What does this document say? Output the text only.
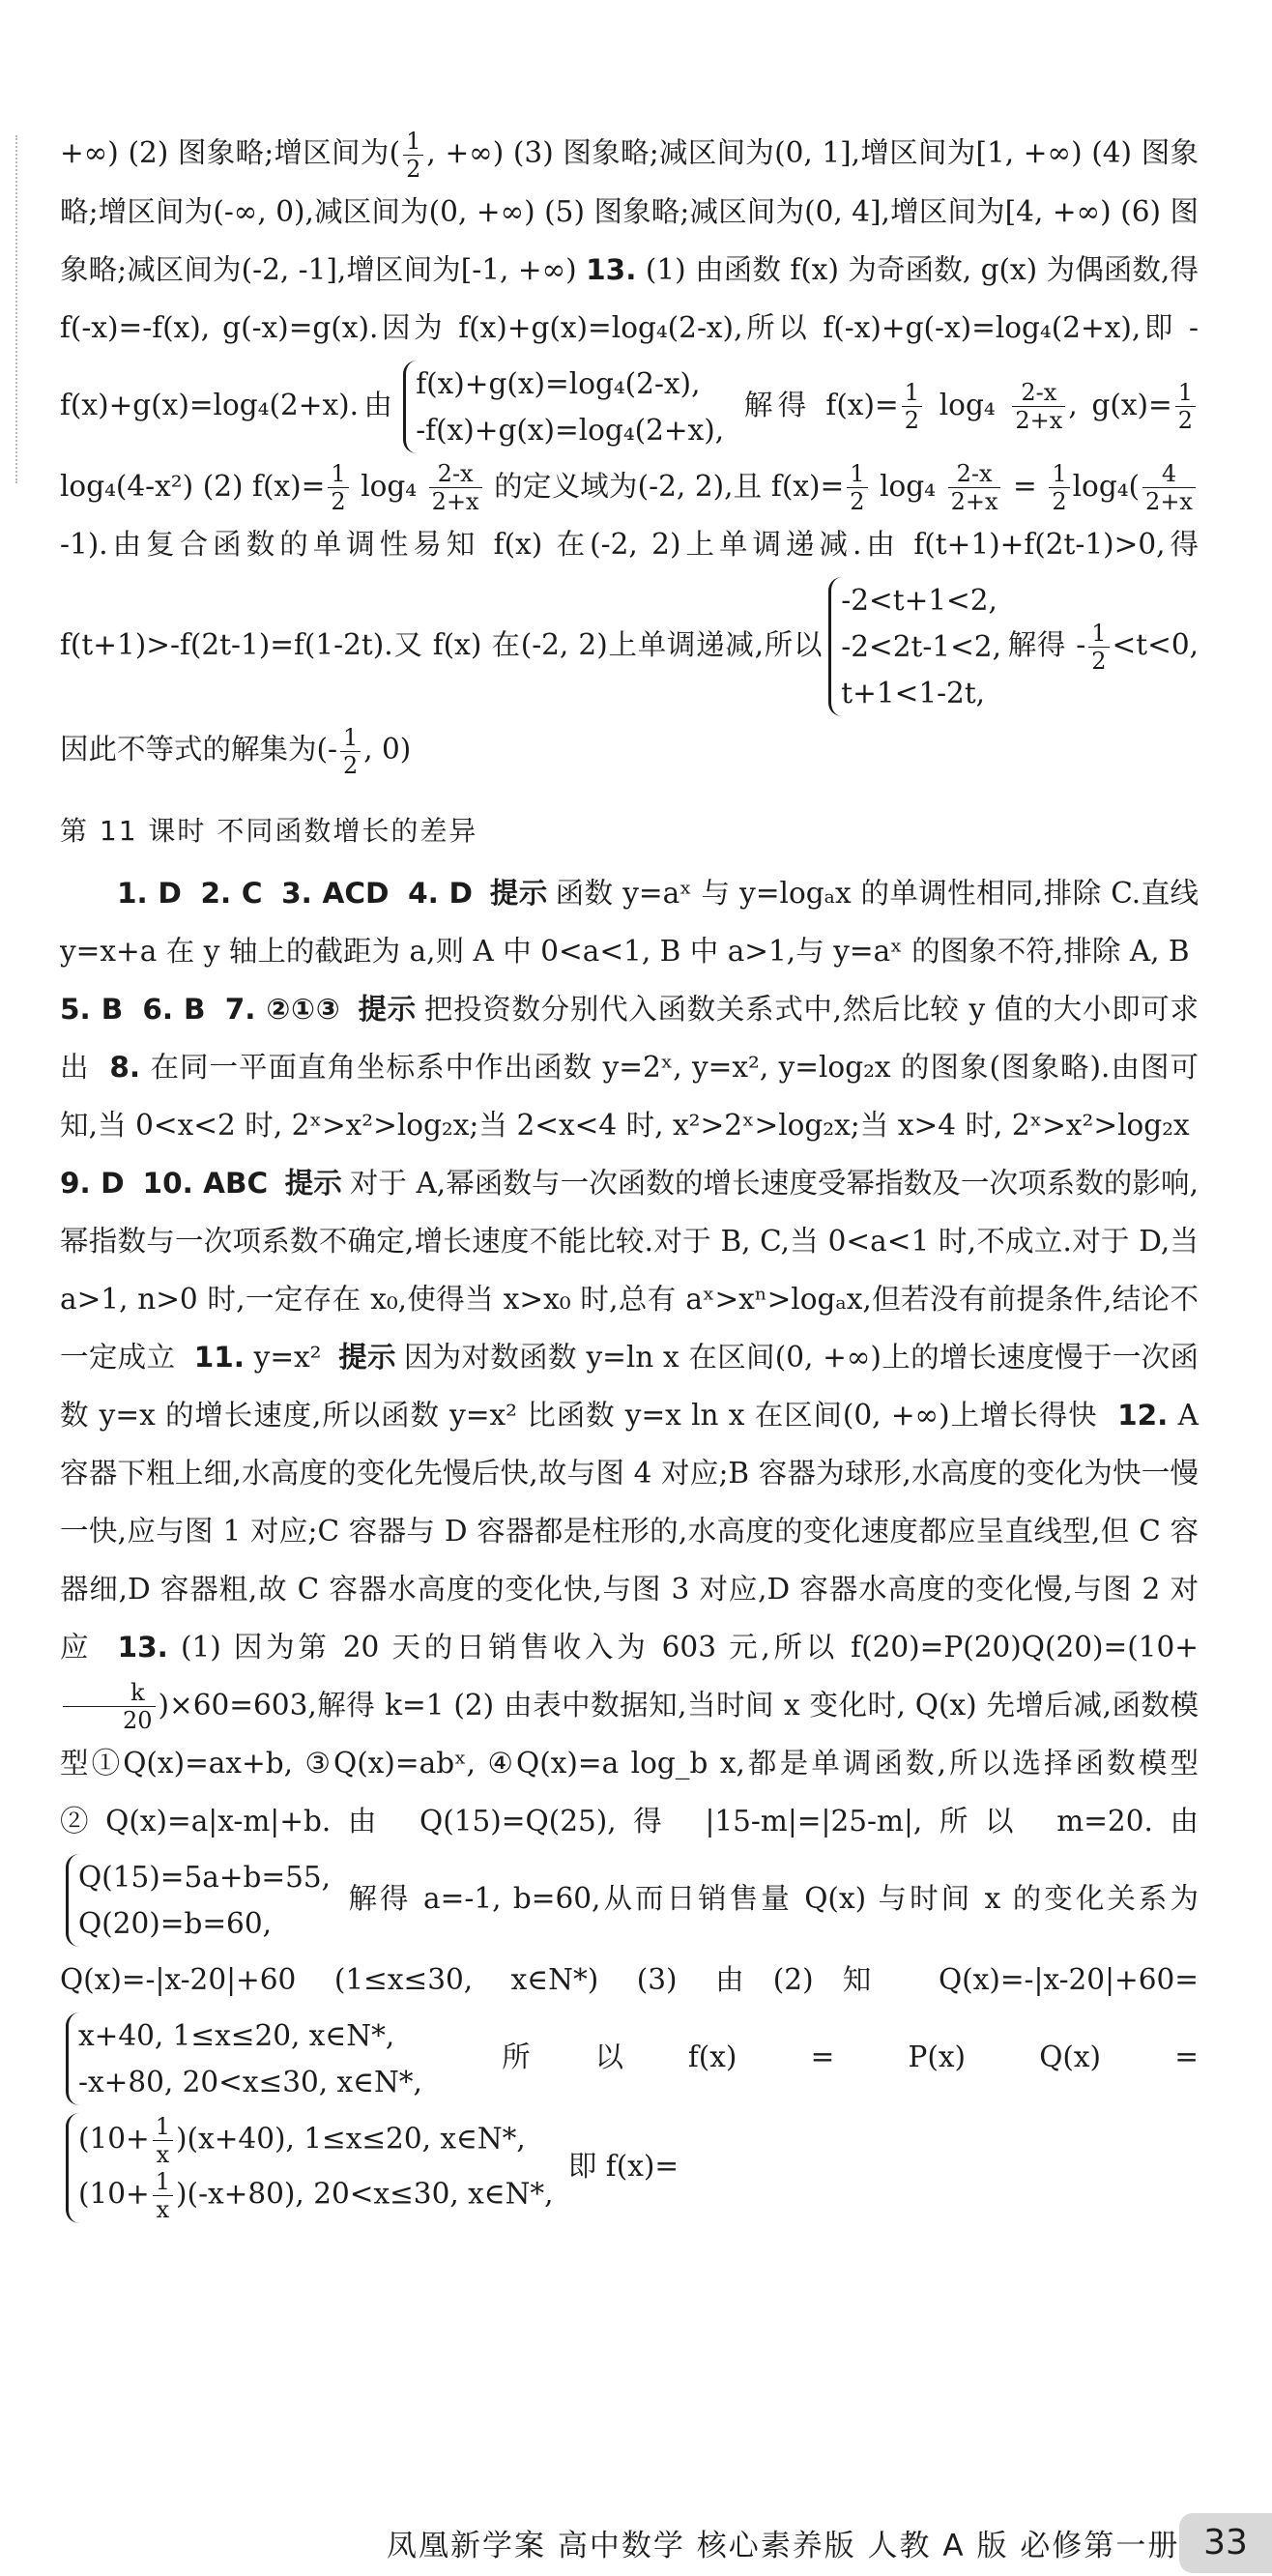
+∞) (2) 图象略;增区间为( $\frac{1}{2}$ , +∞) (3) 图象略;减区间为(0, 1],增区间为[1, +∞) (4) 图象略;增区间为(-∞, 0),减区间为(0, +∞) (5) 图象略;减区间为(0, 4],增区间为[4, +∞) (6) 图象略;减区间为(-2, -1],增区间为[-1, +∞) 13. (1) 由函数 f(x) 为奇函数, g(x) 为偶函数,得 f(-x)=-f(x), g(-x)=g(x).因为 f(x)+g(x)=log₄(2-x),所以 f(-x)+g(-x)=log₄(2+x),即 -f(x)+g(x)=log₄(2+x).由
f(x)+g(x)=log₄(2-x),
-f(x)+g(x)=log₄(2+x),
解得 $f(x)= \frac{1}{2} \log_4 \frac{2-x}{2+x}$ , $g(x)= \frac{1}{2}$
log₄(4-x²) (2) $f(x)= \frac{1}{2} \log_4 \frac{2-x}{2+x}$ 的定义域为(-2, 2),且 $f(x)= \frac{1}{2} \log_4 \frac{2-x}{2+x} = \frac{1}{2} \log_4( \frac{4}{2+x}$
-1).由复合函数的单调性易知 f(x) 在(-2, 2)上单调递减.由 f(t+1)+f(2t-1)>0,得 f(t+1)>-f(2t-1)=f(1-2t).又 f(x) 在(-2, 2)上单调递减,所以
-2<t+1<2,
-2<2t-1<2,
t+1<1-2t,
解得 - $\frac{1}{2} <t<0$,因此不等式的解集为(- $\frac{1}{2}$ , 0)

第 11 课时 不同函数增长的差异

1. D 2. C 3. ACD 4. D 提示 函数 y=aˣ 与 y=logₐx 的单调性相同,排除 C.直线 y=x+a 在 y 轴上的截距为 a,则 A 中 0<a<1, B 中 a>1,与 y=aˣ 的图象不符,排除 A, B  5. B 6. B 7. ②①③ 提示 把投资数分别代入函数关系式中,然后比较 y 值的大小即可求出 8. 在同一平面直角坐标系中作出函数 y=2ˣ, y=x², y=log₂x 的图象(图象略).由图可知,当 0<x<2 时, 2ˣ>x²>log₂x;当 2<x<4 时, x²>2ˣ>log₂x;当 x>4 时, 2ˣ>x²>log₂x  9. D 10. ABC 提示 对于 A,幂函数与一次函数的增长速度受幂指数及一次项系数的影响,幂指数与一次项系数不确定,增长速度不能比较.对于 B, C,当 0<a<1 时,不成立.对于 D,当 a>1, n>0 时,一定存在 x₀,使得当 x>x₀ 时,总有 aˣ>xⁿ>logₐx,但若没有前提条件,结论不一定成立 11. y=x² 提示 因为对数函数 y=ln x 在区间(0, +∞)上的增长速度慢于一次函数 y=x 的增长速度,所以函数 y=x² 比函数 y=x ln x 在区间(0, +∞)上增长得快 12. A 容器下粗上细,水高度的变化先慢后快,故与图 4 对应;B 容器为球形,水高度的变化为快一慢一快,应与图 1 对应;C 容器与 D 容器都是柱形的,水高度的变化速度都应呈直线型,但 C 容器细,D 容器粗,故 C 容器水高度的变化快,与图 3 对应,D 容器水高度的变化慢,与图 2 对应 13. (1) 因为第 20 天的日销售收入为 603 元,所以 f(20)=P(20)Q(20)=(10+
$\frac{k}{20} )\times 60=603$,解得 k=1 (2) 由表中数据知,当时间 x 变化时, Q(x) 先增后减,函数模型①Q(x)=ax+b, ③Q(x)=abˣ, ④Q(x)=a log_b x,都是单调函数,所以选择函数模型②Q(x)=a|x-m|+b.由 Q(15)=Q(25),得 |15-m|=|25-m|,所以 m=20.由
Q(15)=5a+b=55,
Q(20)=b=60,
解得 a=-1, b=60,从而日销售量 Q(x) 与时间 x 的变化关系为 Q(x)=-|x-20|+60 (1≤x≤30, x∈N*) (3) 由(2)知 Q(x)=-|x-20|+60=
x+40, 1≤x≤20, x∈N*,
-x+80, 20<x≤30, x∈N*,
所以f(x) = P(x) Q(x) =
$(10+ \frac{1}{x} )(x+40)$, 1≤x≤20, x∈N*,
$(10+ \frac{1}{x} )(-x+80)$, 20<x≤30, x∈N*,
即 f(x)=

凤凰新学案 高中数学 核心素养版 人教 A 版 必修第一册 33
